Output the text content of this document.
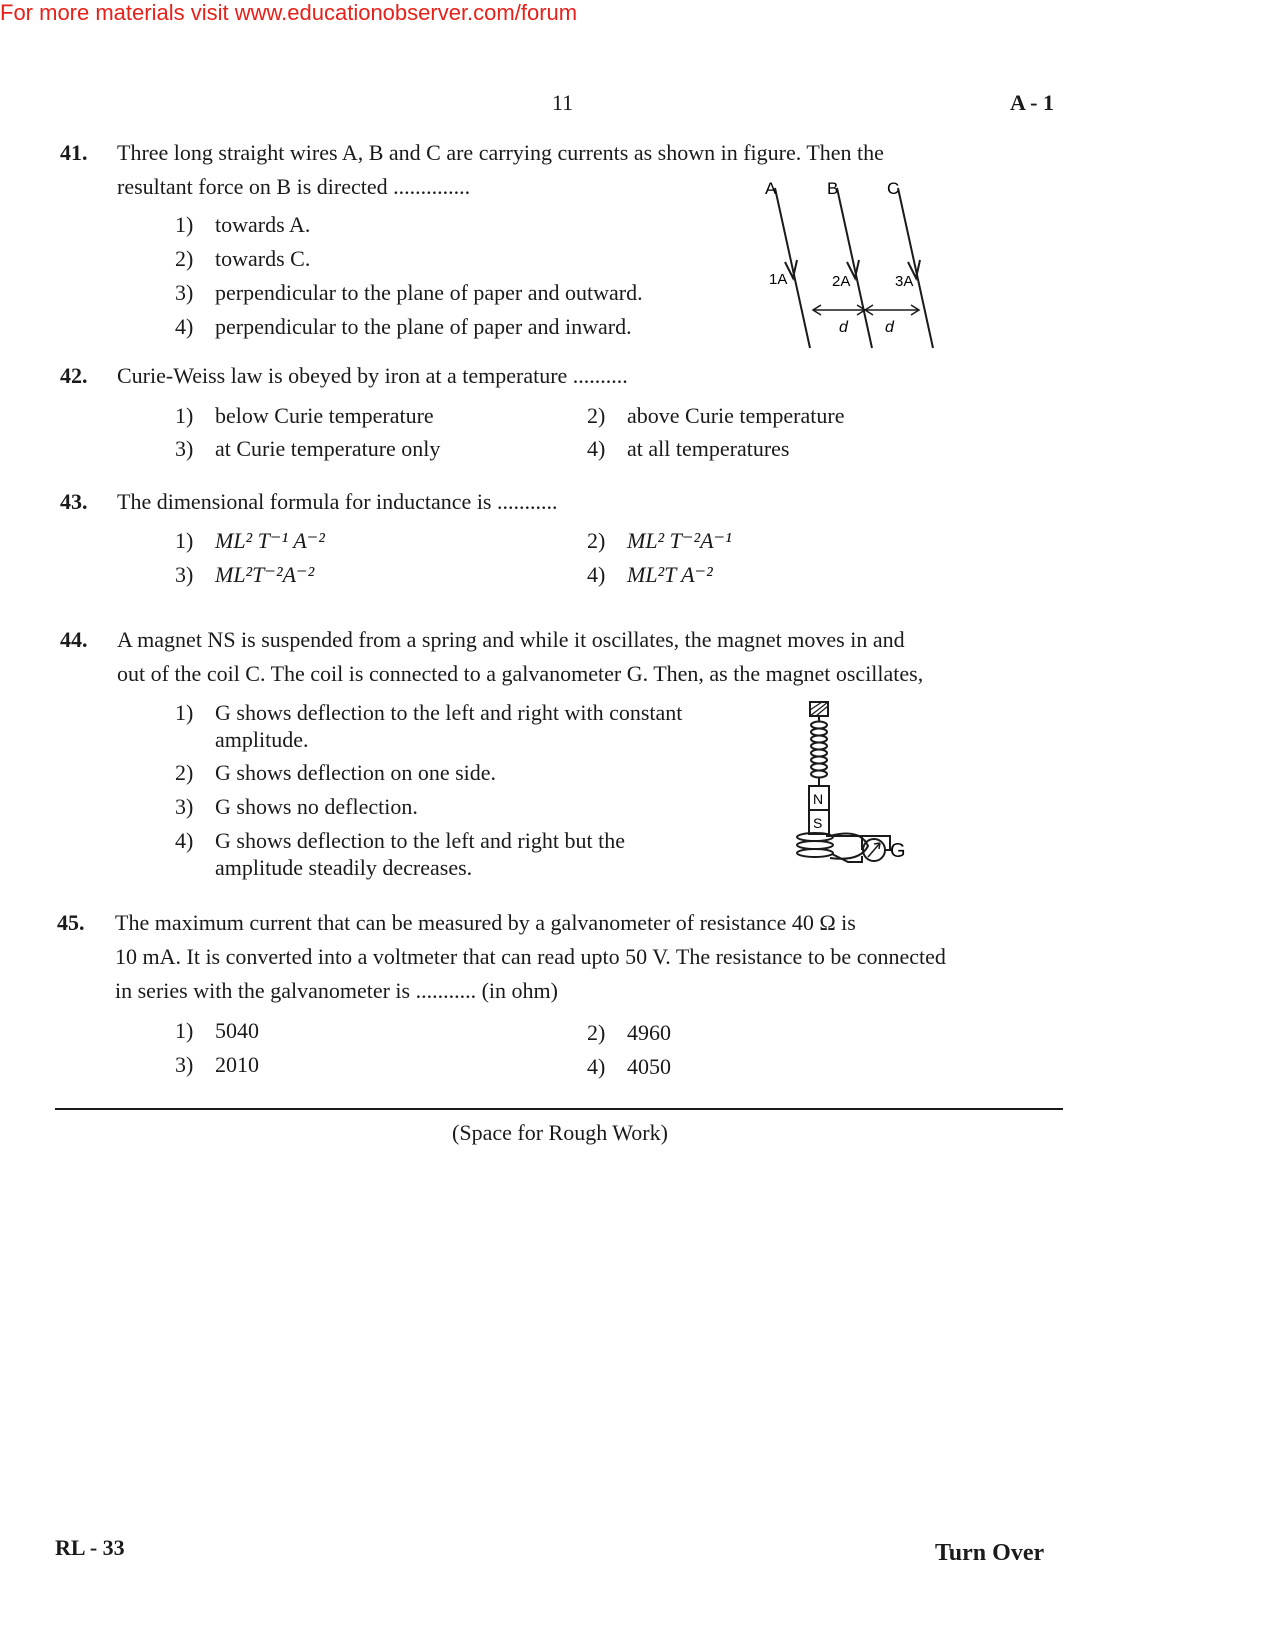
For more materials visit www.educationobserver.com/forum
11	A - 1
41. Three long straight wires A, B and C are carrying currents as shown in figure. Then the
resultant force on B is directed ..............
1) towards A.
2) towards C.
3) perpendicular to the plane of paper and outward.
4) perpendicular to the plane of paper and inward.
A	B	C
1A	2A	3A
d d
42. Curie-Weiss law is obeyed by iron at a temperature ..........
1) below Curie temperature	2) above Curie temperature
3) at Curie temperature only	4) at all temperatures
43. The dimensional formula for inductance is ...........
1) ML² T⁻¹ A⁻²	2) ML² T⁻²A⁻¹
3) ML²T⁻²A⁻²	4) ML²T A⁻²
44. A magnet NS is suspended from a spring and while it oscillates, the magnet moves in and
out of the coil C. The coil is connected to a galvanometer G. Then, as the magnet oscillates,
1) G shows deflection to the left and right with constant
amplitude.
2) G shows deflection on one side.
3) G shows no deflection.
4) G shows deflection to the left and right but the
amplitude steadily decreases.
N
S
G
45. The maximum current that can be measured by a galvanometer of resistance 40 Ω is
10 mA. It is converted into a voltmeter that can read upto 50 V. The resistance to be connected
in series with the galvanometer is ........... (in ohm)
1) 5040	2) 4960
3) 2010	4) 4050
(Space for Rough Work)
RL - 33	Turn Over
